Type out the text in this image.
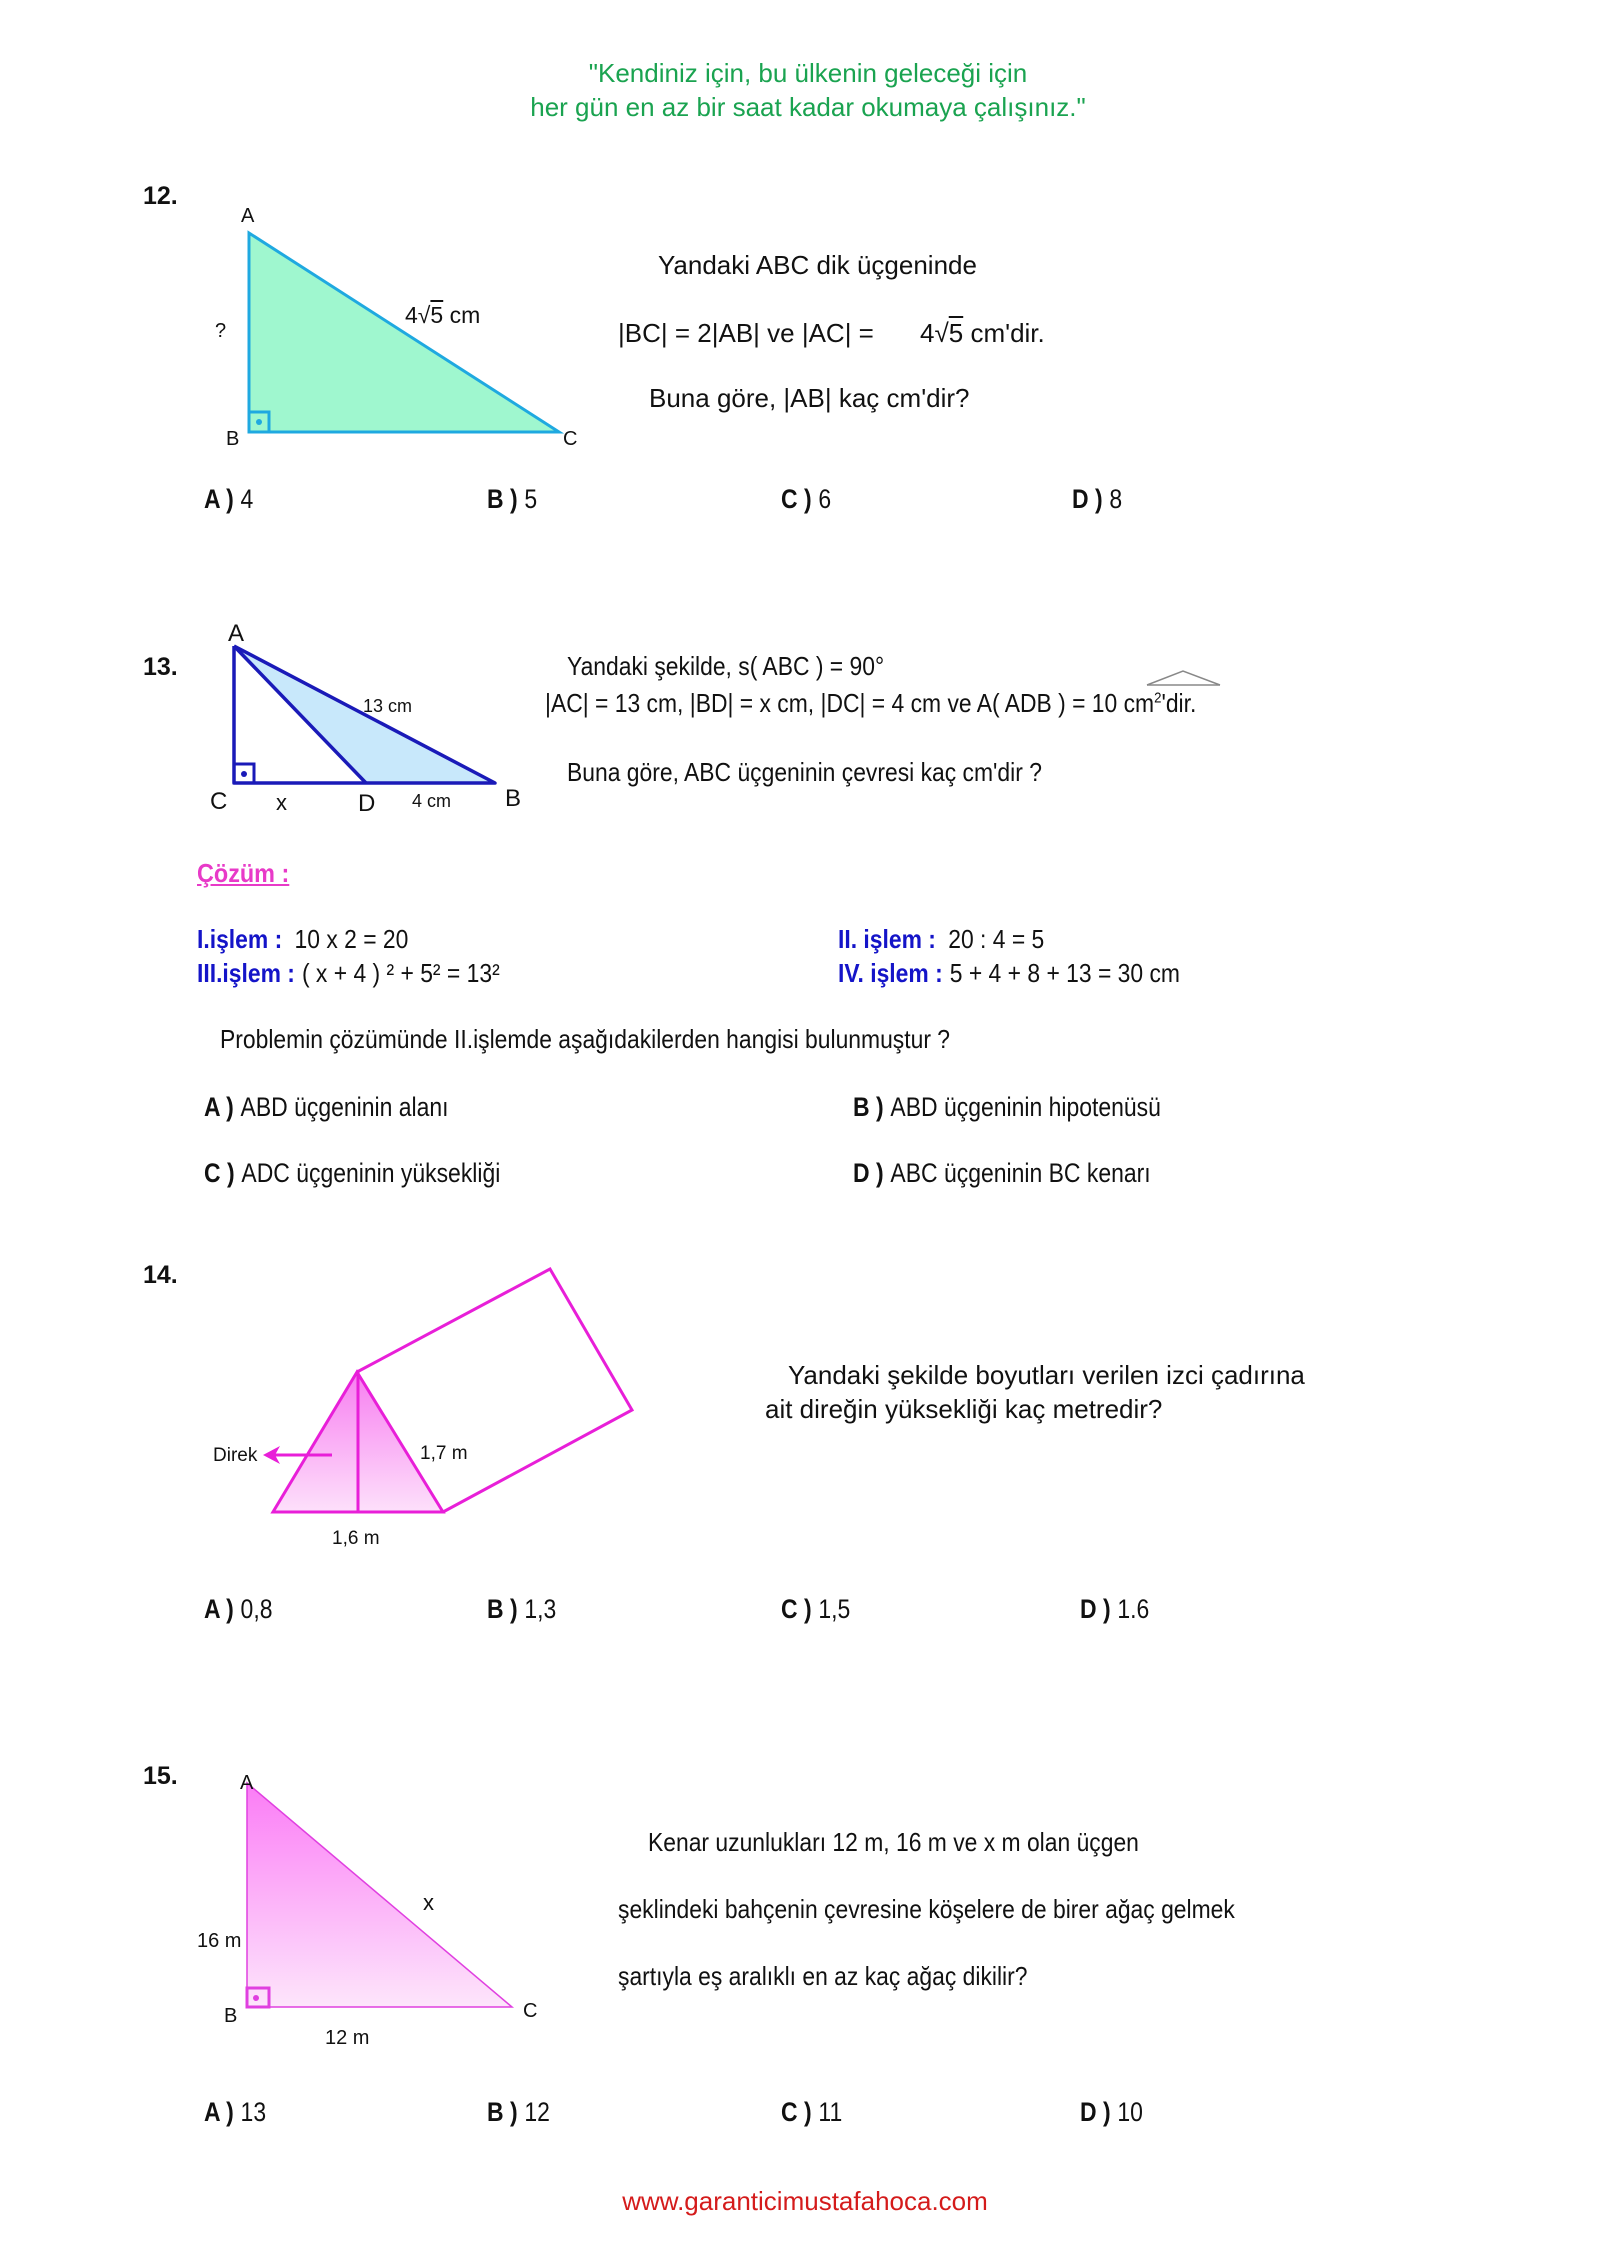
"Kendiniz için, bu ülkenin geleceği için
her gün en az bir saat kadar okumaya çalışınız."
12.
A
B	C
?
4√5 cm
Yandaki ABC dik üçgeninde
|BC| = 2|AB| ve |AC| = 4√5 cm'dir.
Buna göre, |AB| kaç cm'dir?
A ) 4	B ) 5	C ) 6	D ) 8
13.
A
C	D	B
13 cm
x	4 cm
Yandaki şekilde, s( ABC ) = 90°
|AC| = 13 cm, |BD| = x cm, |DC| = 4 cm ve A( ADB ) = 10 $cm^2'dir$.
Buna göre, ABC üçgeninin çevresi kaç cm'dir ?
Çözüm :
I.işlem : 10 x 2 = 20	II. işlem : 20 : 4 = 5
III.işlem : ( x + 4 ) ² + 5² = 13²	IV. işlem : 5 + 4 + 8 + 13 = 30 cm
Problemin çözümünde II.işlemde aşağıdakilerden hangisi bulunmuştur ?
A ) ABD üçgeninin alanı	B ) ABD üçgeninin hipotenüsü
C ) ADC üçgeninin yüksekliği	D ) ABC üçgeninin BC kenarı
14.
Direk	1,7 m
1,6 m
Yandaki şekilde boyutları verilen izci çadırına
ait direğin yüksekliği kaç metredir?
A ) 0,8	B ) 1,3	C ) 1,5	D ) 1.6
15.	A
B	C
16 m
12 m
x
Kenar uzunlukları 12 m, 16 m ve x m olan üçgen
şeklindeki bahçenin çevresine köşelere de birer ağaç gelmek
şartıyla eş aralıklı en az kaç ağaç dikilir?
A ) 13	B ) 12	C ) 11	D ) 10
www.garanticimustafahoca.com
